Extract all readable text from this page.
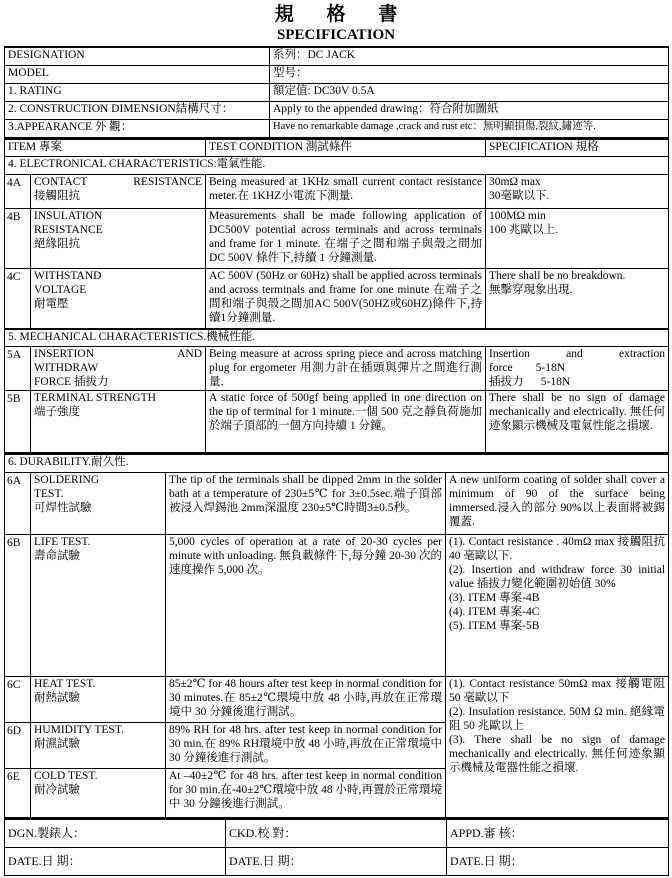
規 格 書
SPECIFICATION
DESIGNATION	系列：DC JACK
MODEL	型号：
1. RATING	額定值: DC30V 0.5A
2. CONSTRUCTION DIMENSION結構尺寸：	Apply to the appended drawing：符合附加圖紙
3.APPEARANCE 外 觀：	Have no remarkable damage ,crack and rust etc：無明顯損傷,裂紋,鏽迹等.
ITEM 專案		TEST CONDITION 測試條件	SPECIFICATION 規格
4. ELECTRONICAL CHARACTERISTICS.電氣性能.			
4A	CONTACT RESISTANCE
接觸阻抗	Being measured at 1KHz small current contact resistance meter.在 1KHZ小電流下測量.	30mΩ max
30毫歐以下.

4B	INSULATION
RESISTANCE
絕緣阻抗	Measurements shall be made following application of DC500V potential across terminals and across terminals and frame for 1 minute. 在端子之間和端子與殼之間加 DC 500V 條件下,持續 1 分鐘測量.	100MΩ min
100 兆歐以上.

4C	WITHSTAND
VOLTAGE
耐電壓	AC 500V (50Hz or 60Hz) shall be applied across terminals and across terminals and frame for one minute 在端子之間和端子與殼之間加AC 500V(50HZ或60HZ)條件下,持續1分鐘測量.	There shall be no breakdown.
無擊穿現象出現.

5. MECHANICAL CHARACTERISTICS.機械性能.			
5A	INSERTION AND
WITHDRAW
FORCE 插拔力	Being measure at across spring piece and across matching plug for ergometer 用測力計在插頭與彈片之間進行測量．	Insertion and extraction
force        5-18N
插拔力      5-18N

5B	TERMINAL STRENGTH
端子強度	A static force of 500gf being applied in one direction on the tip of terminal for 1 minute.一個 500 克之靜負荷施加於端子頂部的一個方向持續 1 分鐘。	There shall be no sign of damage mechanically and electrically. 無任何迹象顯示機械及電氣性能之損壞.
6. DURABILITY.耐久性.			
6A	SOLDERING
TEST.
可焊性試驗	The tip of the terminals shall be dipped 2mm in the solder bath at a temperature of 230±5℃ for 3±0.5sec.端子頂部被浸入焊錫池 2mm深溫度 230±5℃時間3±0.5秒。	A new uniform coating of solder shall cover a minimum of 90 of the surface being immersed.浸入的部分 90%以上表面將被錫覆蓋.
6B	LIFE TEST.
壽命試驗	5,000 cycles of operation at a rate of 20-30 cycles per minute with unloading. 無負載條件下,每分鐘 20-30 次的速度操作 5,000 次。	(1). Contact resistance . 40mΩ max 接觸阻抗 40 毫歐以下.
(2). Insertion and withdraw force 30 initial value 插拔力變化範圍初始值 30%
(3). ITEM 專案-4B
(4). ITEM 專案-4C
(5). ITEM 專案-5B

6C	HEAT TEST.
耐熱試驗	85±2℃ for 48 hours after test keep in normal condition for 30 minutes.在 85±2℃環境中放 48 小時,再放在正常環境中 30 分鐘後進行測試。	(1). Contact resistance 50mΩ max 接觸電阻 50 毫歐以下
(2). Insulation resistance. 50M Ω min. 絕緣電阻 50 兆歐以上
(3). There shall be no sign of damage mechanically and electrically. 無任何迹象顯示機械及電器性能之損壞.

6D	HUMIDITY TEST.
耐濕試驗	89% RH for 48 hrs. after test keep in normal condition for 30 min.在 89% RH環境中放 48 小時,再放在正常環境中 30 分鐘後進行測試。	
6E	COLD TEST.
耐冷試驗	At –40±2℃ for 48 hrs. after test keep in normal condition for 30 min.在-40±2℃環境中放 48 小時,再置於正常環境中 30 分鐘後進行測試。	
DGN.製錶人：	CKD.校 對：	APPD.審 核：
DATE.日 期：	DATE.日 期：	DATE.日 期：
